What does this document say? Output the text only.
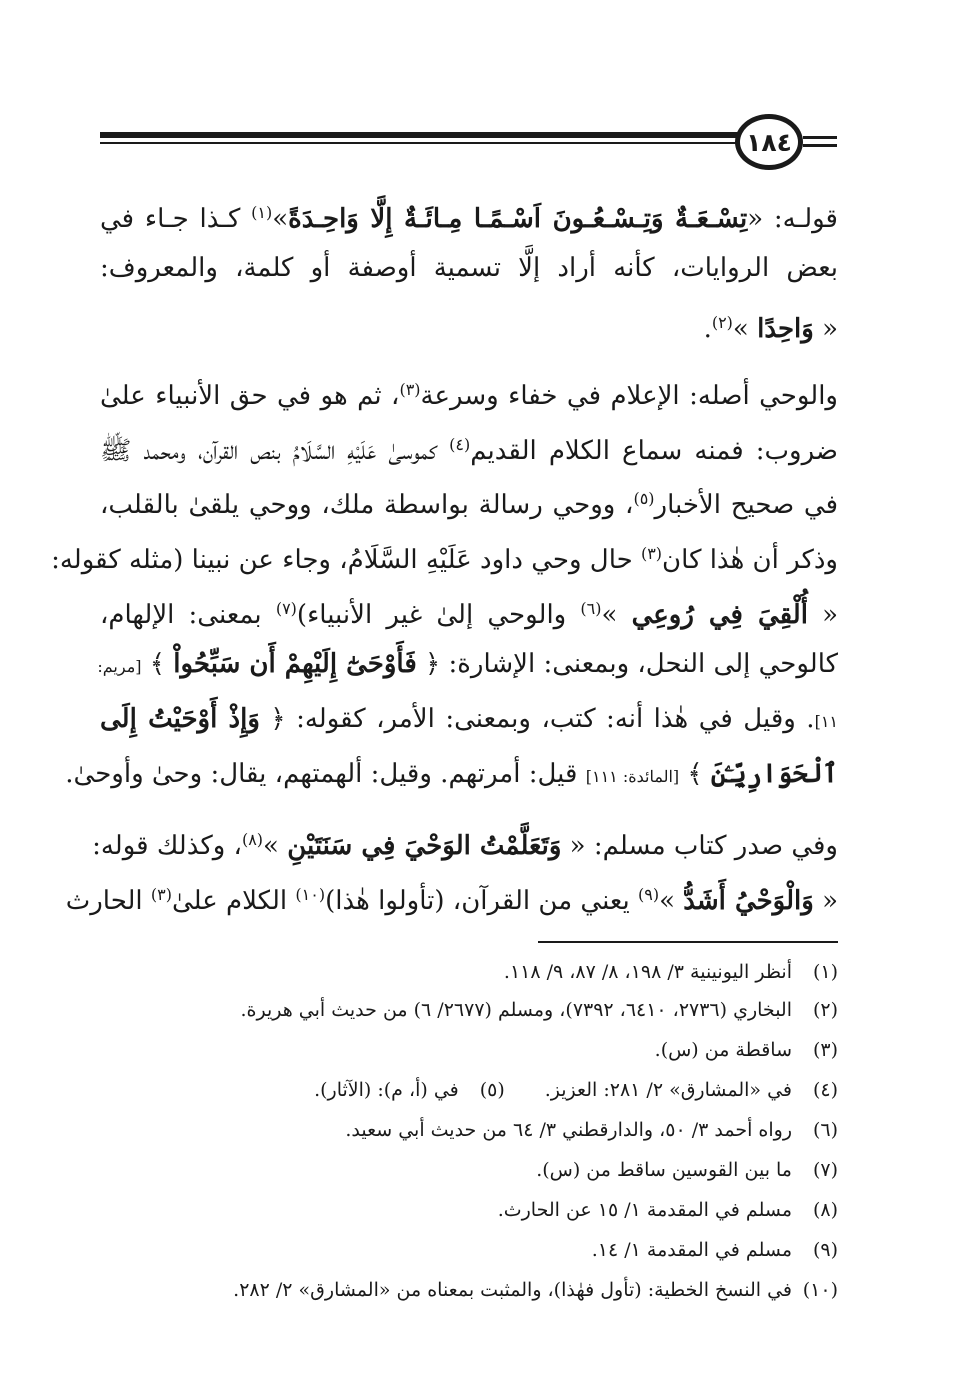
١٨٤
قولـه: «تِسْـعَـةٌ وَتِـسْـعُـونَ اَسْـمًـا مِـائَـةٌ إِلَّا وَاحِـدَةً»$^{(١)}$ كـذا جـاء في
بعض الروايات، كأنه أراد إلَّا تسمية أوصفة أو كلمة، والمعروف:
« وَاحِدًا »$^{(٢)}$.
والوحي أصله: الإعلام في خفاء وسرعة$^{(٣)}$، ثم هو في حق الأنبياء علىٰ
ضروب: فمنه سماع الكلام القديم$^{(٤)}$ كموسىٰ عَلَيْهِ السَّلَامُ بنص القرآن، ومحمد ﷺ
في صحيح الأخبار$^{(٥)}$، ووحي رسالة بواسطة ملك، ووحي يلقىٰ بالقلب،
وذكر أن هٰذا كان$^{(٣)}$ حال وحي داود عَلَيْهِ السَّلَامُ، وجاء عن نبينا (مثله كقوله:
« أُلْقِيَ فِي رُوعِي »$^{(٦)}$ والوحي إلىٰ غير الأنبياء)$^{(٧)}$ بمعنى: الإلهام،
كالوحي إلى النحل، وبمعنى: الإشارة: ﴿ فَأَوْحَىٰٓ إِلَيْهِمْ أَن سَبِّحُواْ ﴾ [مريم:
١١]. وقيل في هٰذا أنه: كتب، وبمعنى: الأمر، كقوله: ﴿ وَإِذْ أَوْحَيْتُ إِلَى
ٱلْحَوَارِيِّـۧنَ ﴾ [المائدة: ١١١] قيل: أمرتهم. وقيل: ألهمتهم، يقال: وحىٰ وأوحىٰ.
وفي صدر كتاب مسلم: « وَتَعَلَّمْتُ الوَحْيَ فِي سَنَتَيْنِ »$^{(٨)}$، وكذلك قوله:
« وَالْوَحْيُ أَشَدُّ »$^{(٩)}$ يعني من القرآن، (تأولوا هٰذا)$^{(١٠)}$ الكلام علىٰ$^{(٣)}$ الحارث
(١)أنظر اليونينية ٣/ ١٩٨، ٨/ ٨٧، ٩/ ١١٨.
(٢)البخاري (٢٧٣٦، ٦٤١٠، ٧٣٩٢)، ومسلم (٢٦٧٧/ ٦) من حديث أبي هريرة.
(٣)ساقطة من (س).
(٤)في «المشارق» ٢/ ٢٨١: العزيز.(٥)في (أ، م): (الآثار).
(٦)رواه أحمد ٣/ ٥٠، والدارقطني ٣/ ٦٤ من حديث أبي سعيد.
(٧)ما بين القوسين ساقط من (س).
(٨)مسلم في المقدمة ١/ ١٥ عن الحارث.
(٩)مسلم في المقدمة ١/ ١٤.
(١٠)في النسخ الخطية: (تأول فهٰذا)، والمثبت بمعناه من «المشارق» ٢/ ٢٨٢.
